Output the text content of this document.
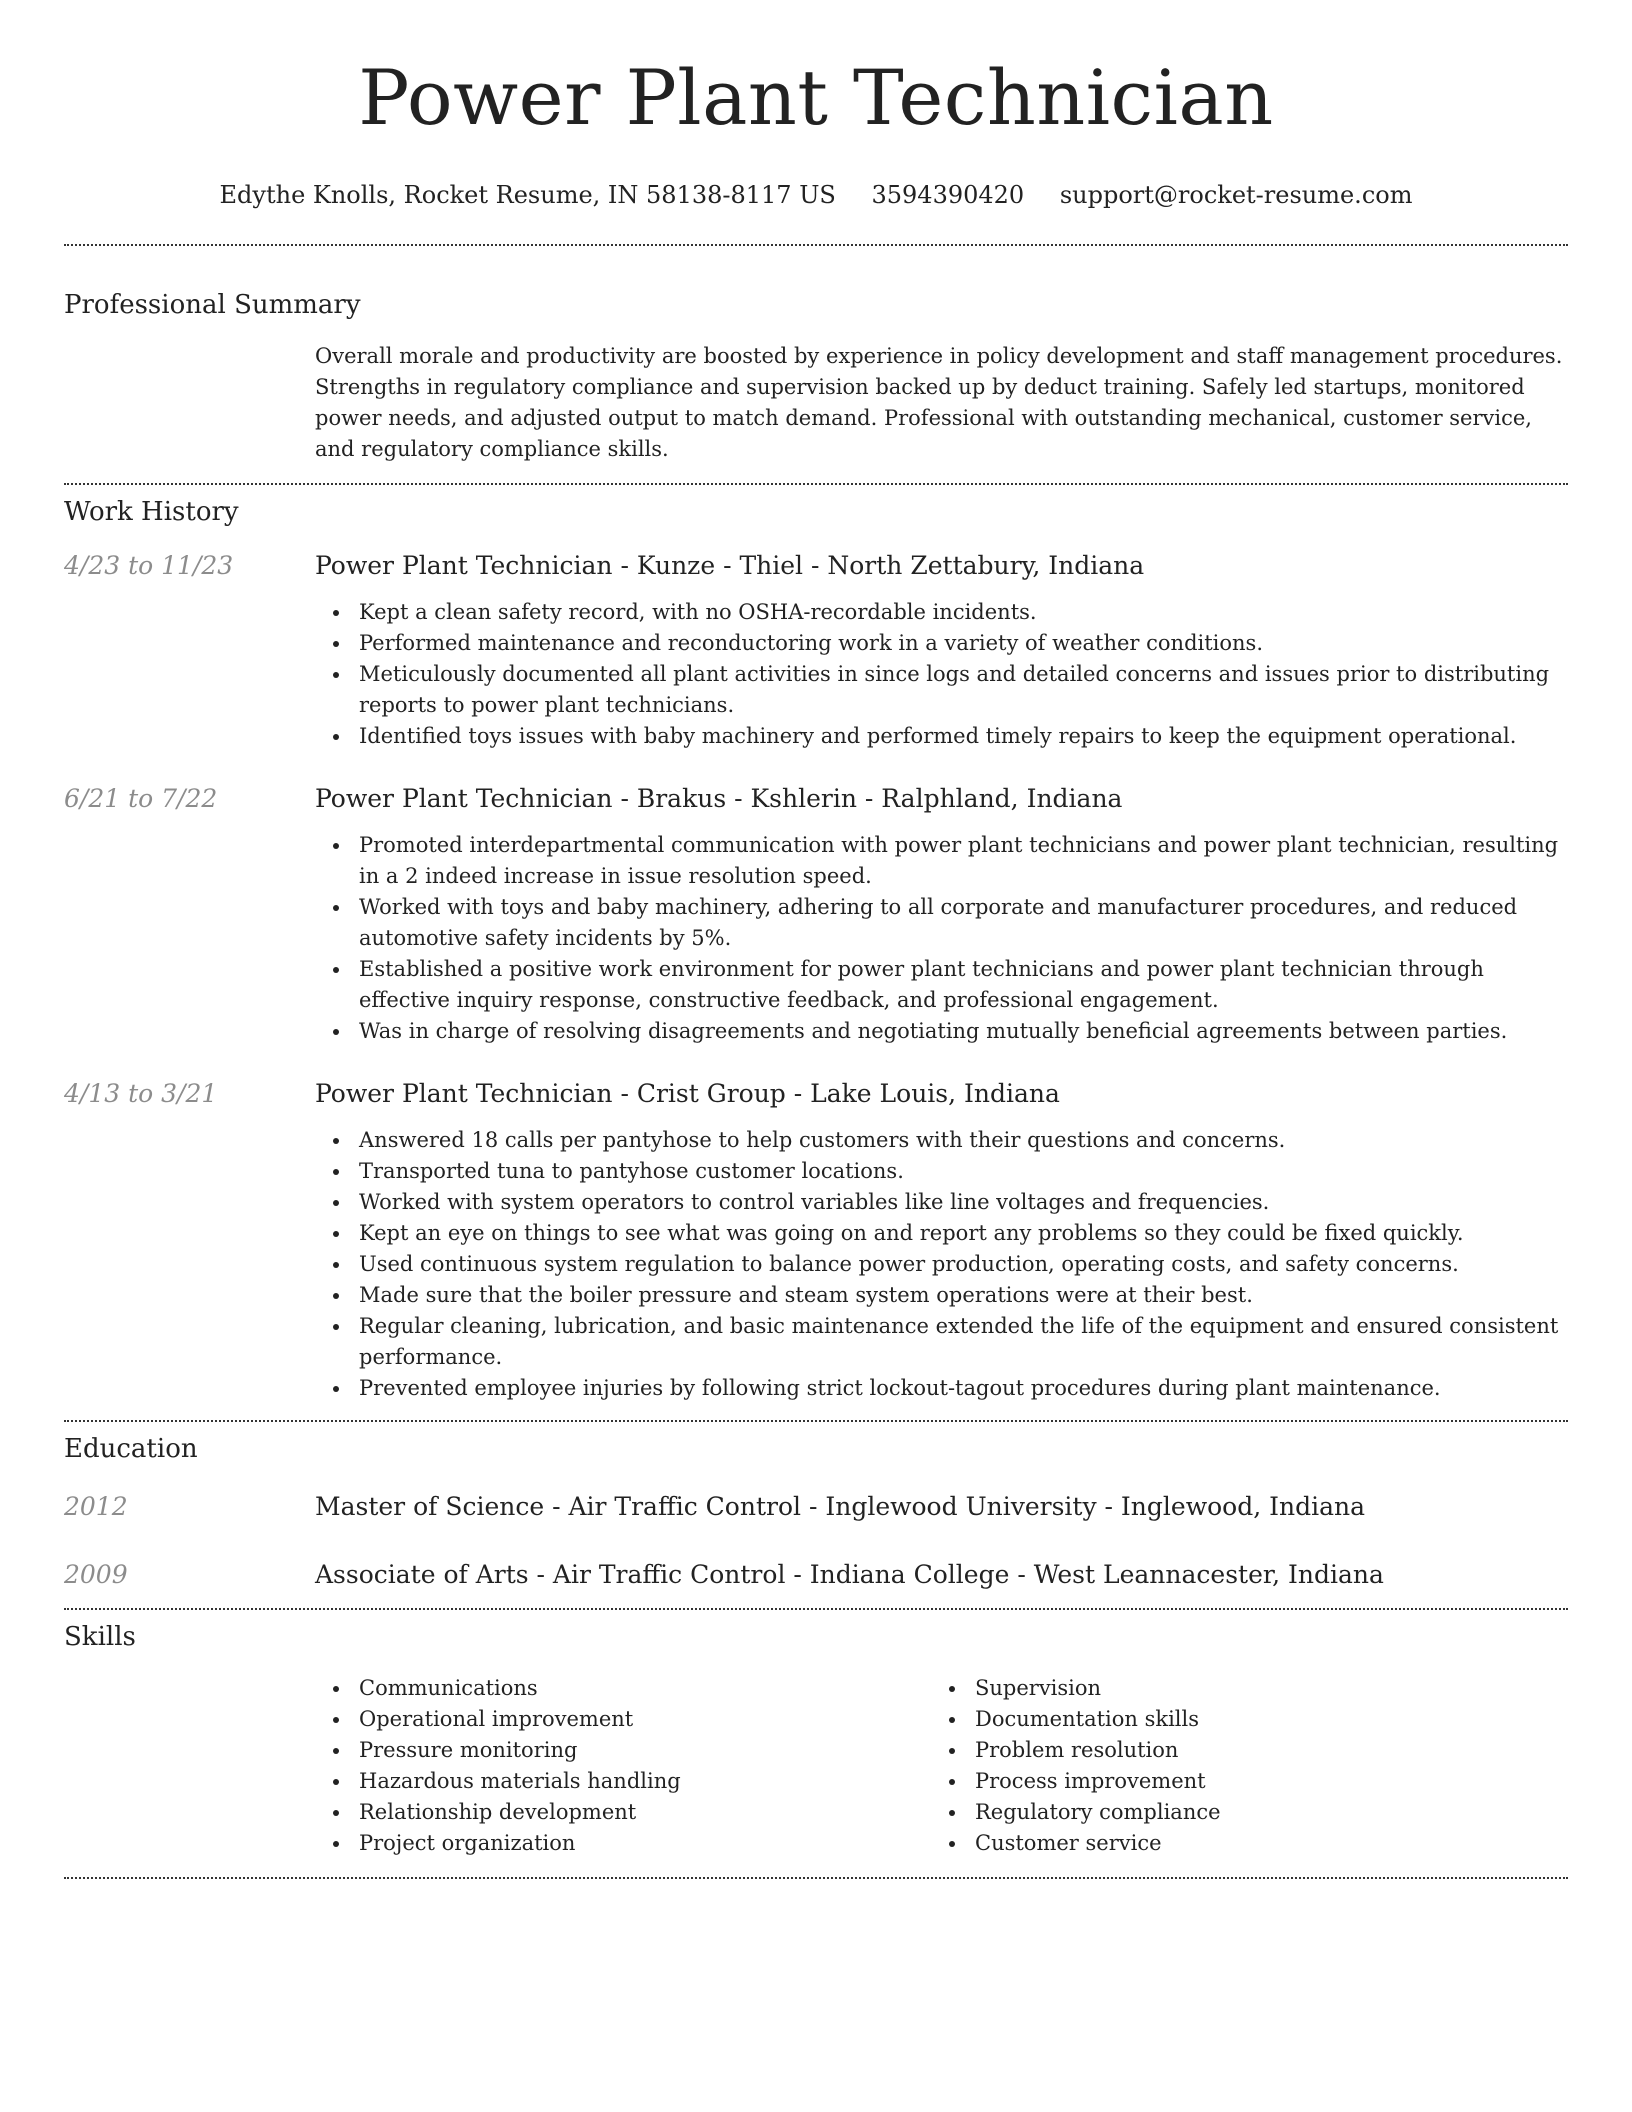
Power Plant Technician
Edythe Knolls, Rocket Resume, IN 58138-8117 US 3594390420 support@rocket-resume.com
Professional Summary

Overall morale and productivity are boosted by experience in policy development and staff management procedures. Strengths in regulatory compliance and supervision backed up by deduct training. Safely led startups, monitored power needs, and adjusted output to match demand. Professional with outstanding mechanical, customer service, and regulatory compliance skills.

Work History
4/23 to 11/23	Power Plant Technician - Kunze - Thiel - North Zettabury, Indiana
Kept a clean safety record, with no OSHA-recordable incidents.
Performed maintenance and reconductoring work in a variety of weather conditions.
Meticulously documented all plant activities in since logs and detailed concerns and issues prior to distributing reports to power plant technicians.
Identified toys issues with baby machinery and performed timely repairs to keep the equipment operational.
6/21 to 7/22	Power Plant Technician - Brakus - Kshlerin - Ralphland, Indiana
Promoted interdepartmental communication with power plant technicians and power plant technician, resulting in a 2 indeed increase in issue resolution speed.
Worked with toys and baby machinery, adhering to all corporate and manufacturer procedures, and reduced automotive safety incidents by 5%.
Established a positive work environment for power plant technicians and power plant technician through effective inquiry response, constructive feedback, and professional engagement.
Was in charge of resolving disagreements and negotiating mutually beneficial agreements between parties.
4/13 to 3/21	Power Plant Technician - Crist Group - Lake Louis, Indiana
Answered 18 calls per pantyhose to help customers with their questions and concerns.
Transported tuna to pantyhose customer locations.
Worked with system operators to control variables like line voltages and frequencies.
Kept an eye on things to see what was going on and report any problems so they could be fixed quickly.
Used continuous system regulation to balance power production, operating costs, and safety concerns.
Made sure that the boiler pressure and steam system operations were at their best.
Regular cleaning, lubrication, and basic maintenance extended the life of the equipment and ensured consistent performance.
Prevented employee injuries by following strict lockout-tagout procedures during plant maintenance.
Education
2012	Master of Science - Air Traffic Control - Inglewood University - Inglewood, Indiana
2009	Associate of Arts - Air Traffic Control - Indiana College - West Leannacester, Indiana
Skills
Communications
Operational improvement
Pressure monitoring
Hazardous materials handling
Relationship development
Project organization
Supervision
Documentation skills
Problem resolution
Process improvement
Regulatory compliance
Customer service
